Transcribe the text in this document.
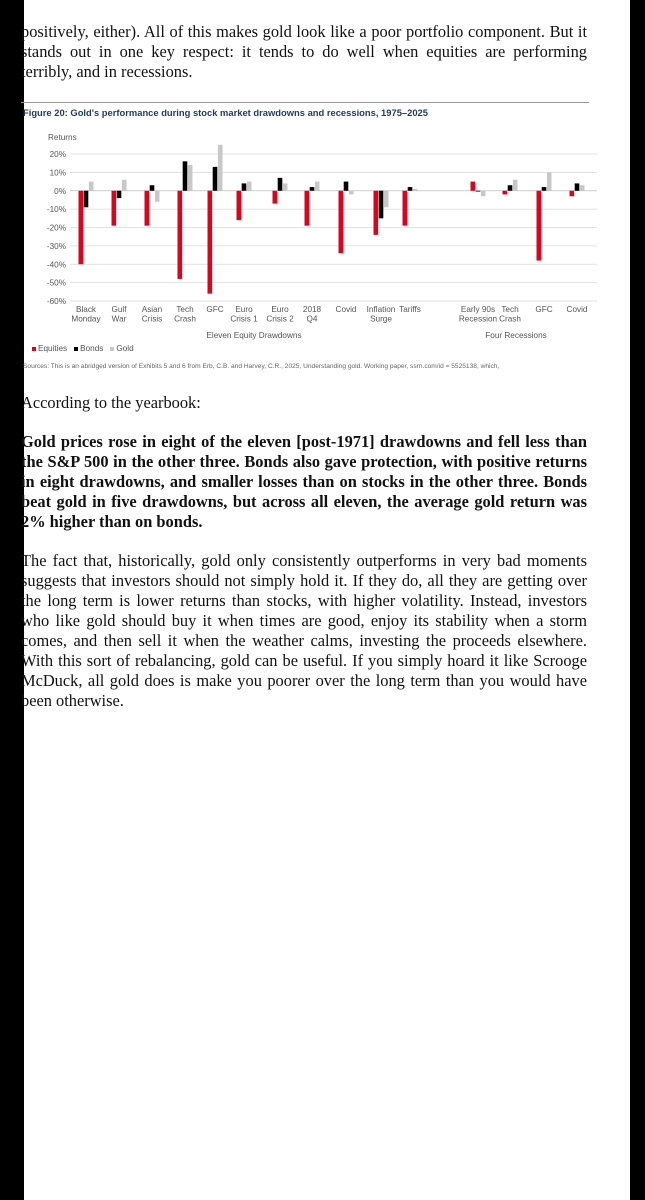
positively, either). All of this makes gold look like a poor portfolio component. But it stands out in one key respect: it tends to do well when equities are performing terribly, and in recessions.
Figure 20: Gold's performance during stock market drawdowns and recessions, 1975–2025
Returns
20%
10%
0%
-10%
-20%
-30%
-40%
-50%
-60%
Black
Monday
Gulf
War
Asian
Crisis
Tech
Crash
GFC Euro
Crisis 1
Euro
Crisis 2
2018
Q4
Covid Inflation
Surge
Tariffs	Early 90s
Recession
Tech
Crash
GFC Covid
Eleven Equity Drawdowns	Four Recessions
Equities	Bonds	Gold
Sources: This is an abridged version of Exhibits 5 and 6 from Erb, C.B. and Harvey, C.R., 2025, Understanding gold. Working paper, ssrn.com/id = 5525138, which,
According to the yearbook:
Gold prices rose in eight of the eleven [post-1971] drawdowns and fell less than the S&P 500 in the other three. Bonds also gave protection, with positive returns in eight drawdowns, and smaller losses than on stocks in the other three. Bonds beat gold in five drawdowns, but across all eleven, the average gold return was 2% higher than on bonds.
The fact that, historically, gold only consistently outperforms in very bad moments suggests that investors should not simply hold it. If they do, all they are getting over the long term is lower returns than stocks, with higher volatility. Instead, investors who like gold should buy it when times are good, enjoy its stability when a storm comes, and then sell it when the weather calms, investing the proceeds elsewhere. With this sort of rebalancing, gold can be useful. If you simply hoard it like Scrooge McDuck, all gold does is make you poorer over the long term than you would have been otherwise.
